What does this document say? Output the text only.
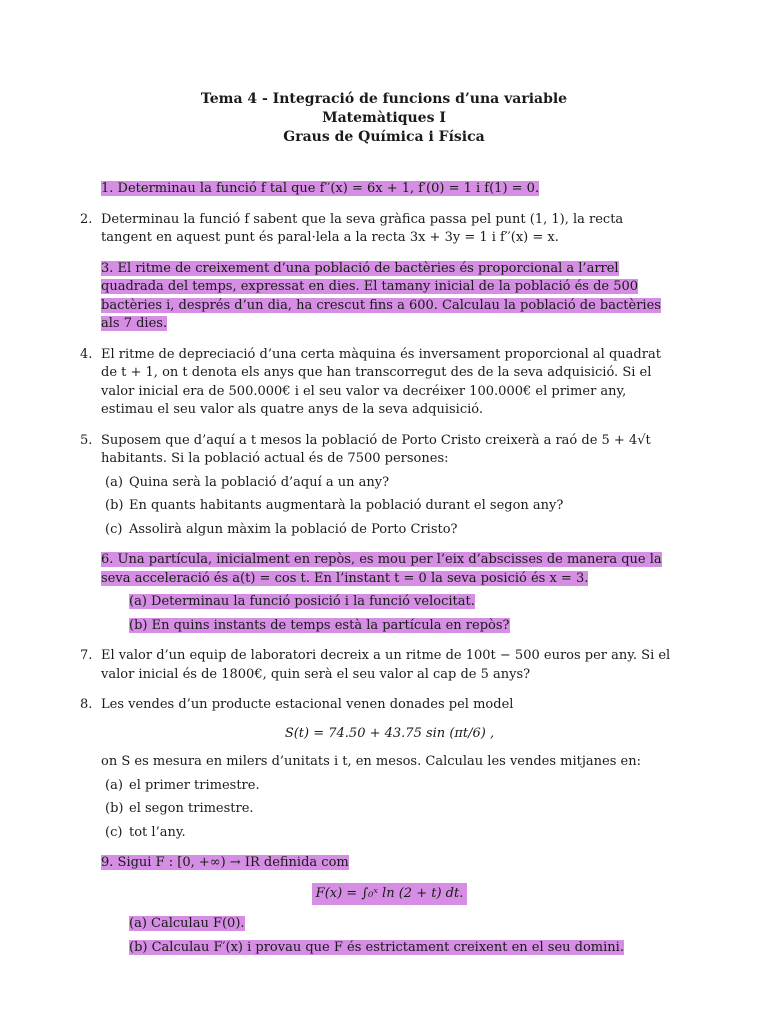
Tema 4 - Integració de funcions d’una variable
Matemàtiques I
Graus de Química i Física
1. Determinau la funció f tal que f′′(x) = 6x + 1, f′(0) = 1 i f(1) = 0.
2. Determinau la funció f sabent que la seva gràfica passa pel punt (1, 1), la recta tangent en aquest punt és paral·lela a la recta 3x + 3y = 1 i f′′(x) = x.
3. El ritme de creixement d’una població de bactèries és proporcional a l’arrel quadrada del temps, expressat en dies. El tamany inicial de la població és de 500 bactèries i, després d’un dia, ha crescut fins a 600. Calculau la població de bactèries als 7 dies.
4. El ritme de depreciació d’una certa màquina és inversament proporcional al quadrat de t + 1, on t denota els anys que han transcorregut des de la seva adquisició. Si el valor inicial era de 500.000€ i el seu valor va decréixer 100.000€ el primer any, estimau el seu valor als quatre anys de la seva adquisició.
5. Suposem que d’aquí a t mesos la població de Porto Cristo creixerà a raó de 5 + 4√t habitants. Si la població actual és de 7500 persones:
(a) Quina serà la població d’aquí a un any?
(b) En quants habitants augmentarà la població durant el segon any?
(c) Assolirà algun màxim la població de Porto Cristo?
6. Una partícula, inicialment en repòs, es mou per l’eix d’abscisses de manera que la seva acceleració és a(t) = cos t. En l’instant t = 0 la seva posició és x = 3.
(a) Determinau la funció posició i la funció velocitat.
(b) En quins instants de temps està la partícula en repòs?
7. El valor d’un equip de laboratori decreix a un ritme de 100t − 500 euros per any. Si el valor inicial és de 1800€, quin serà el seu valor al cap de 5 anys?
8. Les vendes d’un producte estacional venen donades pel model
S(t) = 74.50 + 43.75 sin (πt/6) ,
on S es mesura en milers d’unitats i t, en mesos. Calculau les vendes mitjanes en:
(a) el primer trimestre.
(b) el segon trimestre.
(c) tot l’any.
9. Sigui F : [0, +∞) → IR definida com
F(x) = ∫₀ˣ ln (2 + t) dt.
(a) Calculau F(0).
(b) Calculau F′(x) i provau que F és estrictament creixent en el seu domini.
